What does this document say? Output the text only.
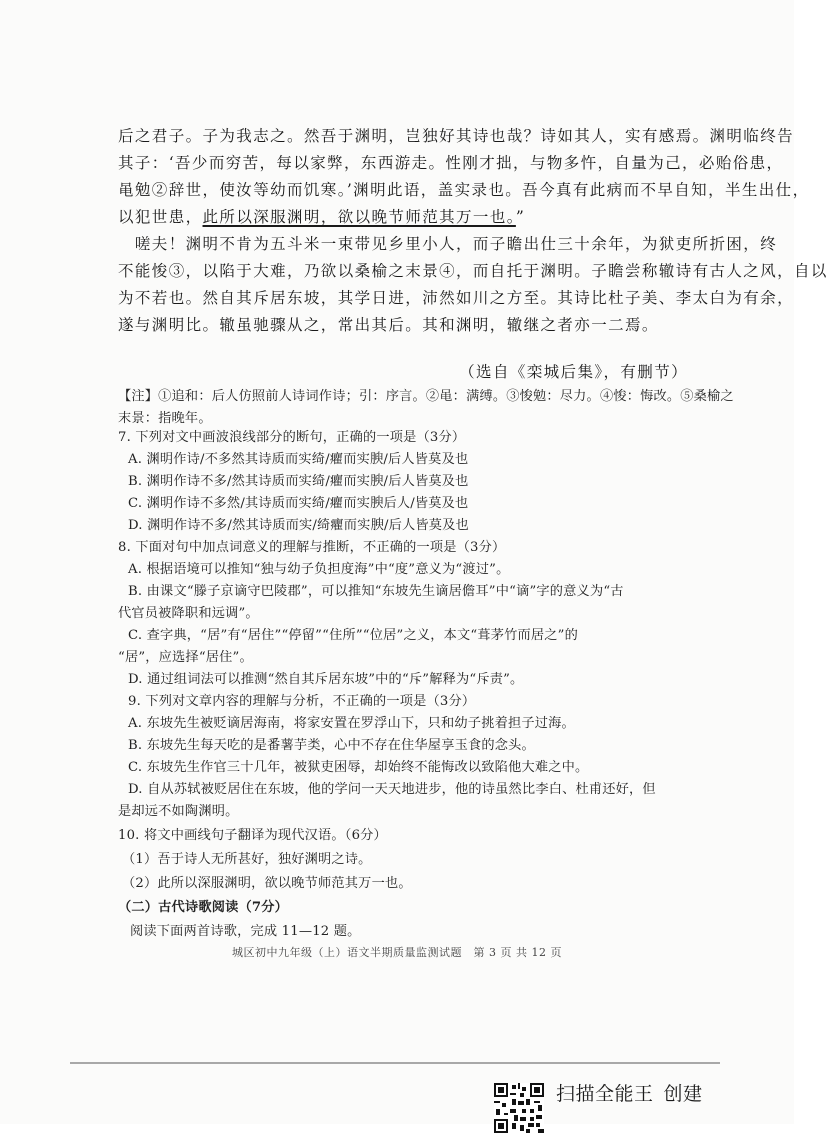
后之君子。子为我志之。然吾于渊明，岂独好其诗也哉？诗如其人，实有感焉。渊明临终告
其子：‘吾少而穷苦，每以家弊，东西游走。性刚才拙，与物多忤，自量为己，必贻俗患，
黾勉②辞世，使汝等幼而饥寒。’渊明此语，盖实录也。吾今真有此病而不早自知，半生出仕，
以犯世患，此所以深服渊明，欲以晚节师范其万一也。”
　嗟夫！渊明不肯为五斗米一束带见乡里小人，而子瞻出仕三十余年，为狱吏所折困，终
不能悛③，以陷于大难，乃欲以桑榆之末景④，而自托于渊明。子瞻尝称辙诗有古人之风，自以
为不若也。然自其斥居东坡，其学日进，沛然如川之方至。其诗比杜子美、李太白为有余，
遂与渊明比。辙虽驰骤从之，常出其后。其和渊明，辙继之者亦一二焉。
（选自《栾城后集》，有删节）
【注】①追和：后人仿照前人诗词作诗；引：序言。②黾：满缚。③悛勉：尽力。④悛：悔改。⑤桑榆之
末景：指晚年。
7. 下列对文中画波浪线部分的断句，正确的一项是（3分）
A. 渊明作诗/不多然其诗质而实绮/癯而实腴/后人皆莫及也
B. 渊明作诗不多/然其诗质而实绮/癯而实腴/后人皆莫及也
C. 渊明作诗不多然/其诗质而实绮/癯而实腴后人/皆莫及也
D. 渊明作诗不多/然其诗质而实/绮癯而实腴/后人皆莫及也
8. 下面对句中加点词意义的理解与推断，不正确的一项是（3分）
A. 根据语境可以推知“独与幼子负担度海”中“度”意义为“渡过”。
B. 由课文“滕子京谪守巴陵郡”，可以推知“东坡先生谪居儋耳”中“谪”字的意义为“古
代官员被降职和远调”。
C. 查字典，“居”有“居住”“停留”“住所”“位居”之义，本文“葺茅竹而居之”的
“居”，应选择“居住”。
D. 通过组词法可以推测“然自其斥居东坡”中的“斥”解释为“斥责”。
9. 下列对文章内容的理解与分析，不正确的一项是（3分）
A. 东坡先生被贬谪居海南，将家安置在罗浮山下，只和幼子挑着担子过海。
B. 东坡先生每天吃的是番薯芋类，心中不存在住华屋享玉食的念头。
C. 东坡先生作官三十几年，被狱吏困辱，却始终不能悔改以致陷他大难之中。
D. 自从苏轼被贬居住在东坡，他的学问一天天地进步，他的诗虽然比李白、杜甫还好，但
是却远不如陶渊明。
10. 将文中画线句子翻译为现代汉语。（6分）
（1）吾于诗人无所甚好，独好渊明之诗。
（2）此所以深服渊明，欲以晚节师范其万一也。
（二）古代诗歌阅读（7分）
阅读下面两首诗歌，完成 11—12 题。
城区初中九年级（上）语文半期质量监测试题　第 3 页 共 12 页
扫描全能王 创建
